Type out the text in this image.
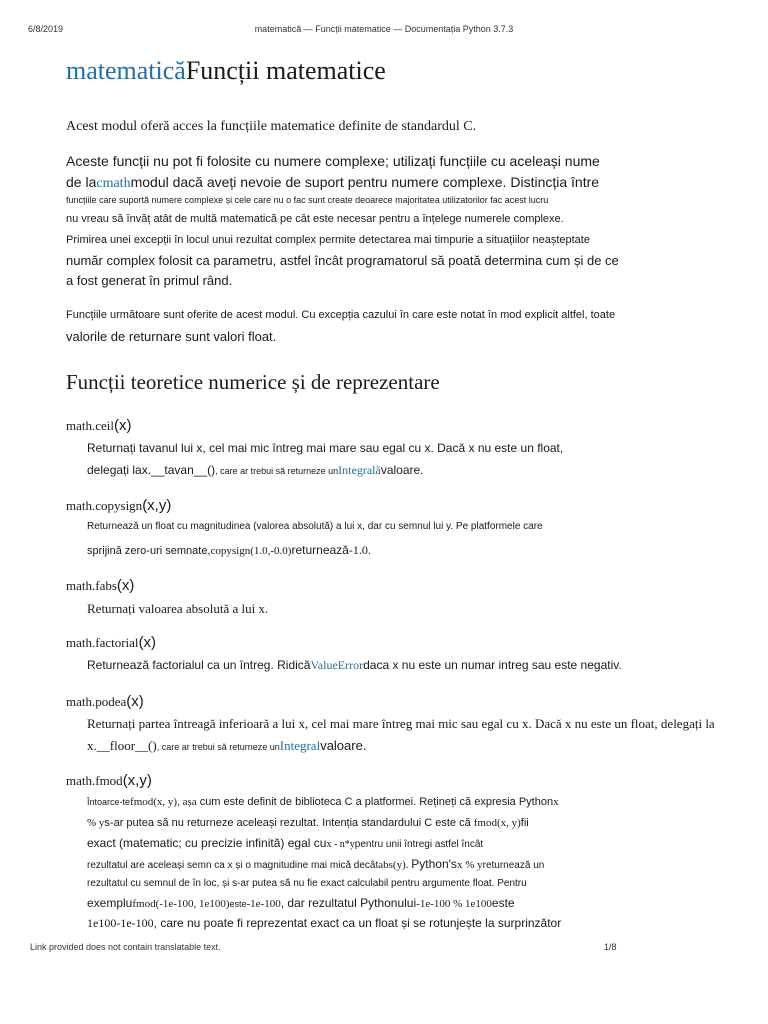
6/8/2019	matematică — Funcții matematice — Documentația Python 3.7.3
matematicăFuncții matematice
Acest modul oferă acces la funcțiile matematice definite de standardul C.
Aceste funcții nu pot fi folosite cu numere complexe; utilizați funcțiile cu aceleași nume
de lacmathmodul dacă aveți nevoie de suport pentru numere complexe. Distincția între
funcțiile care suportă numere complexe și cele care nu o fac sunt create deoarece majoritatea utilizatorilor fac acest lucru
nu vreau să învăț atât de multă matematică pe cât este necesar pentru a înțelege numerele complexe.
Primirea unei excepții în locul unui rezultat complex permite detectarea mai timpurie a situațiilor neașteptate
număr complex folosit ca parametru, astfel încât programatorul să poată determina cum și de ce
a fost generat în primul rând.
Funcțiile următoare sunt oferite de acest modul. Cu excepția cazului în care este notat în mod explicit altfel, toate
valorile de returnare sunt valori float.
Funcții teoretice numerice și de reprezentare
math.ceil(x)
Returnați tavanul lui x, cel mai mic întreg mai mare sau egal cu x. Dacă x nu este un float,
delegați lax.__tavan__(), care ar trebui să returneze unIntegralăvaloare.
math.copysign(x,y)
Returnează un float cu magnitudinea (valorea absolută) a lui x, dar cu semnul lui y. Pe platformele care
sprijină zero-uri semnate,copysign(1.0,-0.0)returnează-1.0.
math.fabs(x)
Returnați valoarea absolută a lui x.
math.factorial(x)
Returnează factorialul ca un întreg. RidicăValueErrordaca x nu este un numar intreg sau este negativ.
math.podea(x)
Returnați partea întreagă inferioară a lui x, cel mai mare întreg mai mic sau egal cu x. Dacă x nu este un float, delegați la
x.__floor__(), care ar trebui să returneze unIntegralvaloare.
math.fmod(x,y)
Întoarce-tefmod(x, y), așa cum este definit de biblioteca C a platformei. Rețineți că expresia Pythonx
% ys-ar putea să nu returneze aceleași rezultat. Intenția standardului C este că fmod(x, y)fii
exact (matematic; cu precizie infinită) egal cux - n*ypentru unii întregi astfel încât
rezultatul are aceleași semn ca x și o magnitudine mai mică decâtabs(y). Python'sx % yreturnează un
rezultatul cu semnul de în loc, și s-ar putea să nu fie exact calculabil pentru argumente float. Pentru
exemplufmod(-1e-100, 1e100)este-1e-100, dar rezultatul Pythonului-1e-100 % 1e100este
1e100-1e-100, care nu poate fi reprezentat exact ca un float și se rotunjește la surprinzător
Link provided does not contain translatable text.	1/8
